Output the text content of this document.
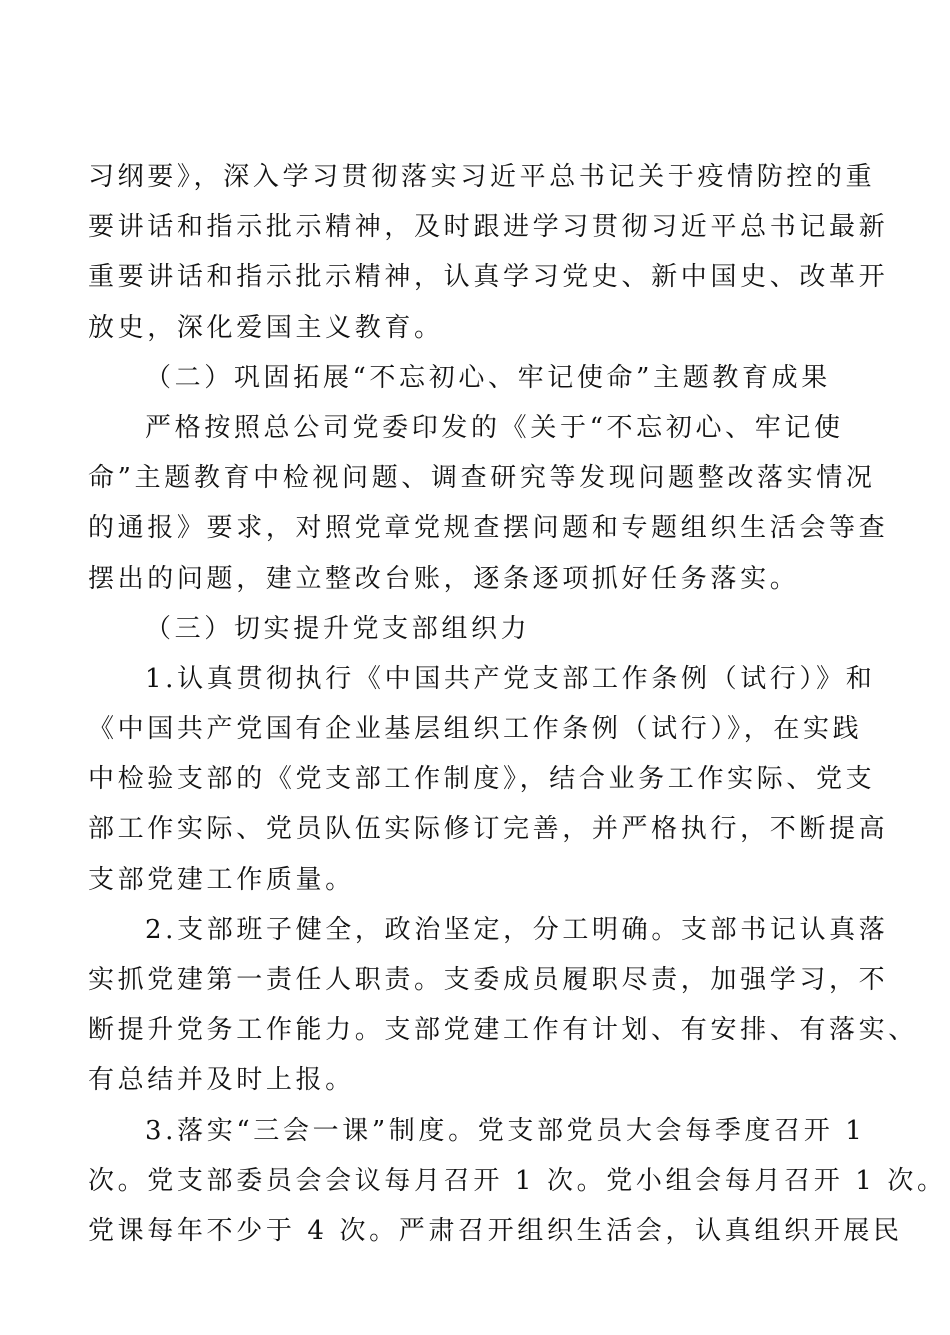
习纲要》，深入学习贯彻落实习近平总书记关于疫情防控的重
要讲话和指示批示精神，及时跟进学习贯彻习近平总书记最新
重要讲话和指示批示精神，认真学习党史、新中国史、改革开
放史，深化爱国主义教育。
（二）巩固拓展“不忘初心、牢记使命”主题教育成果
严格按照总公司党委印发的《关于“不忘初心、牢记使
命”主题教育中检视问题、调查研究等发现问题整改落实情况
的通报》要求，对照党章党规查摆问题和专题组织生活会等查
摆出的问题，建立整改台账，逐条逐项抓好任务落实。
（三）切实提升党支部组织力
1.认真贯彻执行《中国共产党支部工作条例（试行）》和
《中国共产党国有企业基层组织工作条例（试行）》，在实践
中检验支部的《党支部工作制度》，结合业务工作实际、党支
部工作实际、党员队伍实际修订完善，并严格执行，不断提高
支部党建工作质量。
2.支部班子健全，政治坚定，分工明确。支部书记认真落
实抓党建第一责任人职责。支委成员履职尽责，加强学习，不
断提升党务工作能力。支部党建工作有计划、有安排、有落实、
有总结并及时上报。
3.落实“三会一课”制度。党支部党员大会每季度召开 1
次。党支部委员会会议每月召开 1 次。党小组会每月召开 1 次。
党课每年不少于 4 次。严肃召开组织生活会，认真组织开展民
